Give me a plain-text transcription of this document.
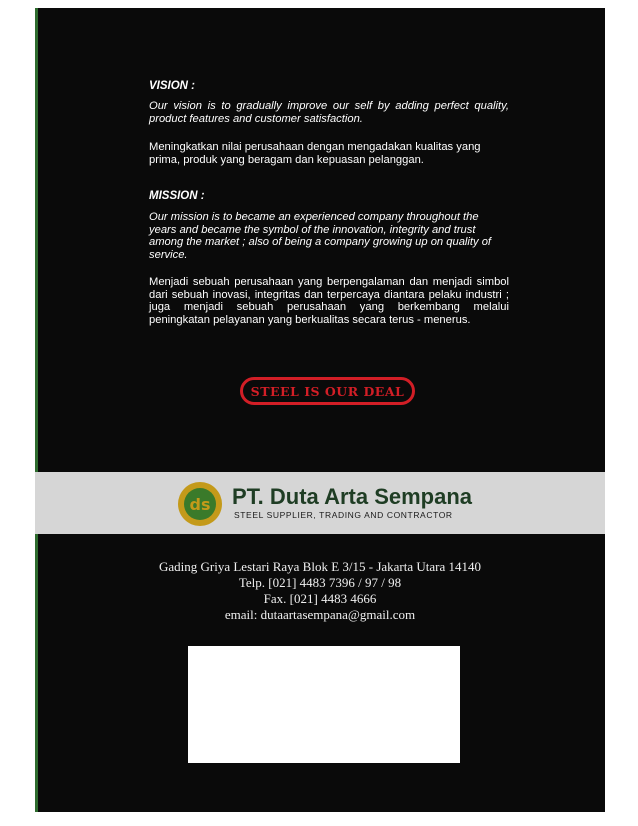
VISION :
Our vision is to gradually improve our self by adding perfect quality, product features and customer satisfaction.
Meningkatkan nilai perusahaan dengan mengadakan kualitas yang prima, produk yang beragam dan kepuasan pelanggan.
MISSION :
Our mission is to became an experienced company throughout the years and became the symbol of the innovation, integrity and trust among the market ; also of being a company growing up on quality of service.
Menjadi sebuah perusahaan yang berpengalaman dan menjadi simbol dari sebuah inovasi, integritas dan terpercaya diantara pelaku industri ; juga menjadi sebuah perusahaan yang berkembang melalui peningkatan pelayanan yang berkualitas secara terus - menerus.
STEEL IS OUR DEAL
ds PT. Duta Arta Sempana
STEEL SUPPLIER, TRADING AND CONTRACTOR
Gading Griya Lestari Raya Blok E 3/15 - Jakarta Utara 14140
Telp. [021] 4483 7396 / 97 / 98
Fax. [021] 4483 4666
email: dutaartasempana@gmail.com
